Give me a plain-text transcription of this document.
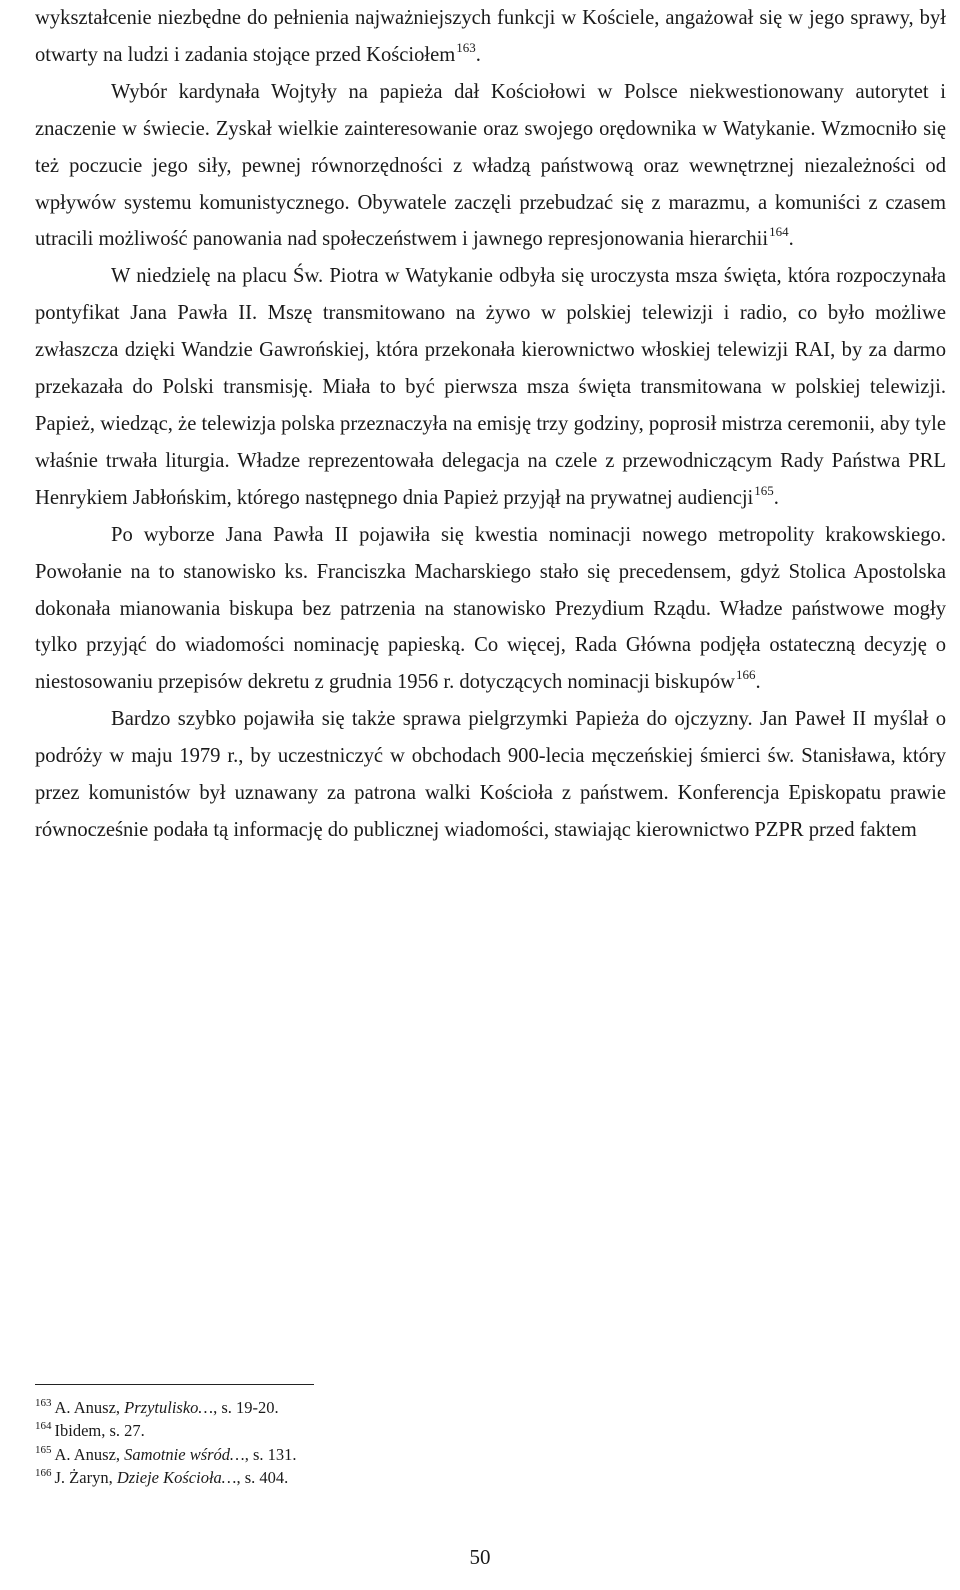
wykształcenie niezbędne do pełnienia najważniejszych funkcji w Kościele, angażował się w jego sprawy, był otwarty na ludzi i zadania stojące przed Kościołem$^{163}$.

Wybór kardynała Wojtyły na papieża dał Kościołowi w Polsce niekwestionowany autorytet i znaczenie w świecie. Zyskał wielkie zainteresowanie oraz swojego orędownika w Watykanie. Wzmocniło się też poczucie jego siły, pewnej równorzędności z władzą państwową oraz wewnętrznej niezależności od wpływów systemu komunistycznego. Obywatele zaczęli przebudzać się z marazmu, a komuniści z czasem utracili możliwość panowania nad społeczeństwem i jawnego represjonowania hierarchii$^{164}$.

W niedzielę na placu Św. Piotra w Watykanie odbyła się uroczysta msza święta, która rozpoczynała pontyfikat Jana Pawła II. Mszę transmitowano na żywo w polskiej telewizji i radio, co było możliwe zwłaszcza dzięki Wandzie Gawrońskiej, która przekonała kierownictwo włoskiej telewizji RAI, by za darmo przekazała do Polski transmisję. Miała to być pierwsza msza święta transmitowana w polskiej telewizji. Papież, wiedząc, że telewizja polska przeznaczyła na emisję trzy godziny, poprosił mistrza ceremonii, aby tyle właśnie trwała liturgia. Władze reprezentowała delegacja na czele z przewodniczącym Rady Państwa PRL Henrykiem Jabłońskim, którego następnego dnia Papież przyjął na prywatnej audiencji$^{165}$.

Po wyborze Jana Pawła II pojawiła się kwestia nominacji nowego metropolity krakowskiego. Powołanie na to stanowisko ks. Franciszka Macharskiego stało się precedensem, gdyż Stolica Apostolska dokonała mianowania biskupa bez patrzenia na stanowisko Prezydium Rządu. Władze państwowe mogły tylko przyjąć do wiadomości nominację papieską. Co więcej, Rada Główna podjęła ostateczną decyzję o niestosowaniu przepisów dekretu z grudnia 1956 r. dotyczących nominacji biskupów$^{166}$.

Bardzo szybko pojawiła się także sprawa pielgrzymki Papieża do ojczyzny. Jan Paweł II myślał o podróży w maju 1979 r., by uczestniczyć w obchodach 900-lecia męczeńskiej śmierci św. Stanisława, który przez komunistów był uznawany za patrona walki Kościoła z państwem. Konferencja Episkopatu prawie równocześnie podała tą informację do publicznej wiadomości, stawiając kierownictwo PZPR przed faktem

$^{163}$ A. Anusz, Przytulisko…, s. 19-20.
$^{164}$ Ibidem, s. 27.
$^{165}$ A. Anusz, Samotnie wśród…, s. 131.
$^{166}$ J. Żaryn, Dzieje Kościoła…, s. 404.
50
